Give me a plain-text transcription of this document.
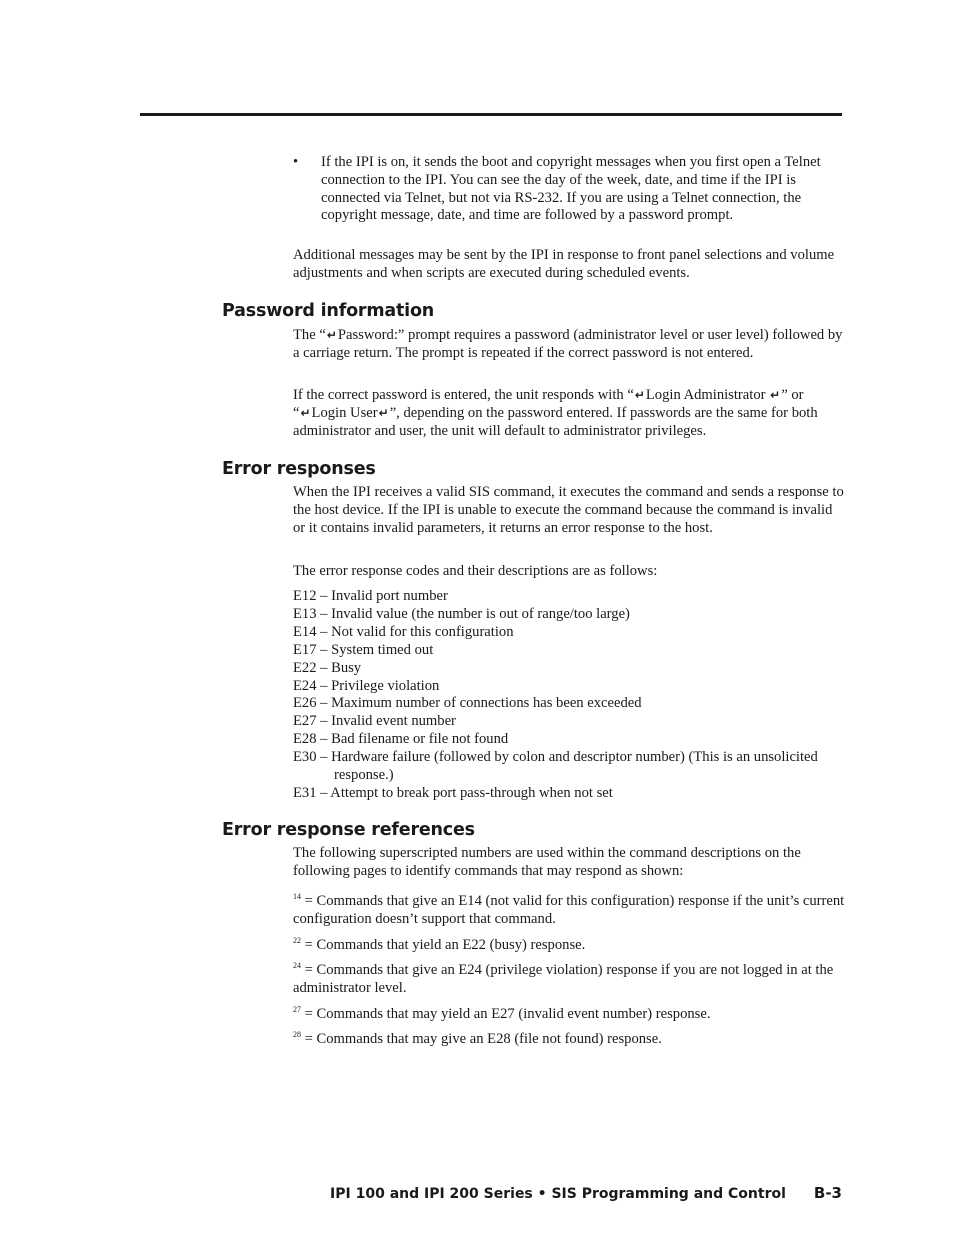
• If the IPI is on, it sends the boot and copyright messages when you first open a Telnet connection to the IPI. You can see the day of the week, date, and time if the IPI is connected via Telnet, but not via RS-232. If you are using a Telnet connection, the copyright message, date, and time are followed by a password prompt.
Additional messages may be sent by the IPI in response to front panel selections and volume adjustments and when scripts are executed during scheduled events.
Password information
The “↵Password:” prompt requires a password (administrator level or user level) followed by a carriage return. The prompt is repeated if the correct password is not entered.
If the correct password is entered, the unit responds with “↵Login Administrator ↵” or “↵Login User↵”, depending on the password entered. If passwords are the same for both administrator and user, the unit will default to administrator privileges.
Error responses
When the IPI receives a valid SIS command, it executes the command and sends a response to the host device. If the IPI is unable to execute the command because the command is invalid or it contains invalid parameters, it returns an error response to the host.
The error response codes and their descriptions are as follows:
E12 – Invalid port number
E13 – Invalid value (the number is out of range/too large)
E14 – Not valid for this configuration
E17 – System timed out
E22 – Busy
E24 – Privilege violation
E26 – Maximum number of connections has been exceeded
E27 – Invalid event number
E28 – Bad filename or file not found
E30 – Hardware failure (followed by colon and descriptor number) (This is an unsolicited response.)
E31 – Attempt to break port pass-through when not set
Error response references
The following superscripted numbers are used within the command descriptions on the following pages to identify commands that may respond as shown:
$^{14}$ = Commands that give an E14 (not valid for this configuration) response if the unit’s current configuration doesn’t support that command.
$^{22}$ = Commands that yield an E22 (busy) response.
$^{24}$ = Commands that give an E24 (privilege violation) response if you are not logged in at the administrator level.
$^{27}$ = Commands that may yield an E27 (invalid event number) response.
$^{28}$ = Commands that may give an E28 (file not found) response.
IPI 100 and IPI 200 Series • SIS Programming and Control B-3
